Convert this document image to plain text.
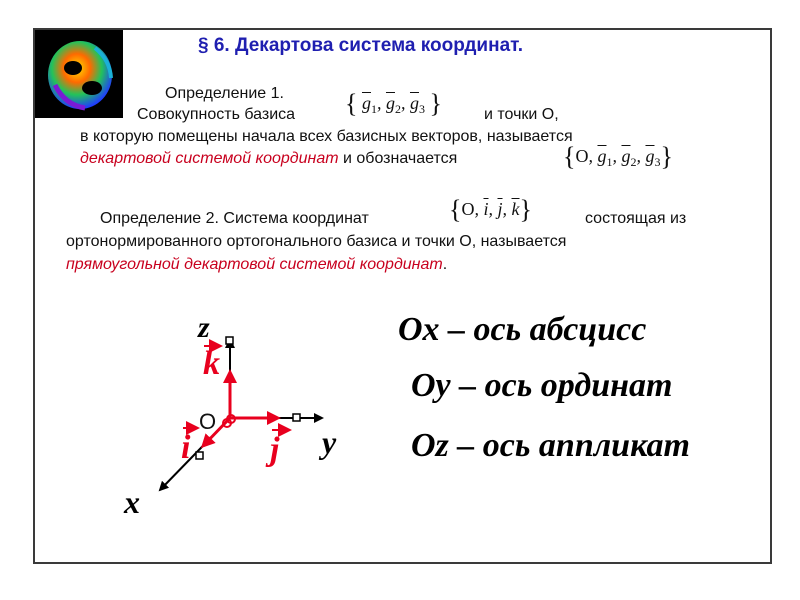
§ 6. Декартова система координат.
Определение 1.
Совокупность базиса { $\overline{g}_1$, $\overline{g}_2$, $\overline{g}_3$ }	и точки О,
в которую помещены начала всех базисных векторов, называется
декартовой системой координат и обозначается	{O, $\overline{g}_1$, $\overline{g}_2$, $\overline{g}_3$}
Определение 2. Система координат	{O, $\overline{i}$, $\overline{j}$, $\overline{k}$}	состоящая из
ортонормированного ортогонального базиса и точки О, называется
прямоугольной декартовой системой координат.
z
k
O
i j y
x
Ox – ось абсцисс
Oy – ось ординат
Oz – ось аппликат
